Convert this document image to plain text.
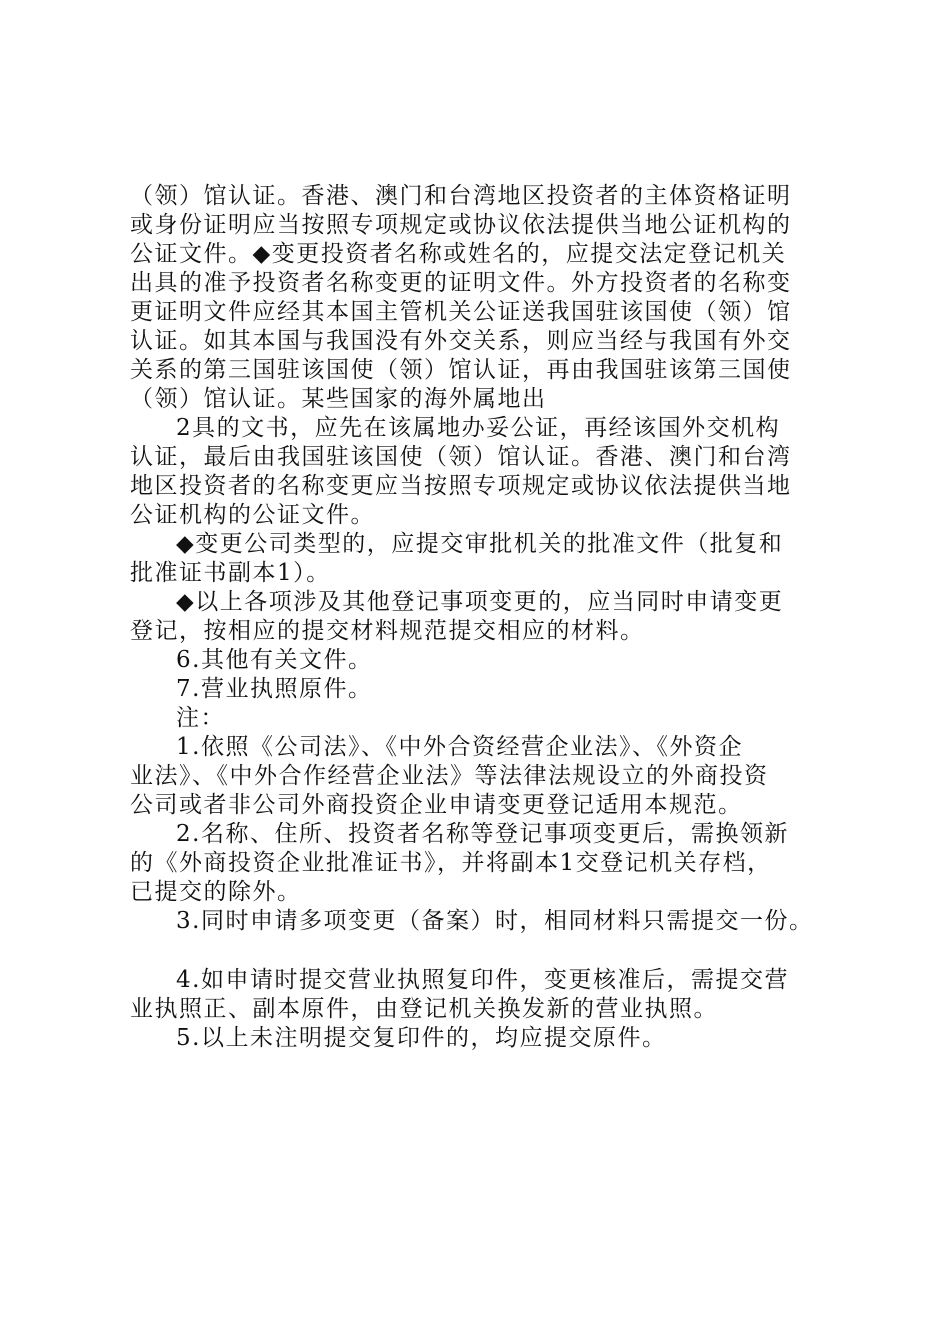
（领）馆认证。香港、澳门和台湾地区投资者的主体资格证明
或身份证明应当按照专项规定或协议依法提供当地公证机构的
公证文件。◆变更投资者名称或姓名的，应提交法定登记机关
出具的准予投资者名称变更的证明文件。外方投资者的名称变
更证明文件应经其本国主管机关公证送我国驻该国使（领）馆
认证。如其本国与我国没有外交关系，则应当经与我国有外交
关系的第三国驻该国使（领）馆认证，再由我国驻该第三国使
（领）馆认证。某些国家的海外属地出
2具的文书，应先在该属地办妥公证，再经该国外交机构
认证，最后由我国驻该国使（领）馆认证。香港、澳门和台湾
地区投资者的名称变更应当按照专项规定或协议依法提供当地
公证机构的公证文件。
◆变更公司类型的，应提交审批机关的批准文件（批复和
批准证书副本1）。
◆以上各项涉及其他登记事项变更的，应当同时申请变更
登记，按相应的提交材料规范提交相应的材料。
6.其他有关文件。
7.营业执照原件。
注：
1.依照《公司法》、《中外合资经营企业法》、《外资企
业法》、《中外合作经营企业法》等法律法规设立的外商投资
公司或者非公司外商投资企业申请变更登记适用本规范。
2.名称、住所、投资者名称等登记事项变更后，需换领新
的《外商投资企业批准证书》，并将副本1交登记机关存档，
已提交的除外。
3.同时申请多项变更（备案）时，相同材料只需提交一份。
4.如申请时提交营业执照复印件，变更核准后，需提交营
业执照正、副本原件，由登记机关换发新的营业执照。
5.以上未注明提交复印件的，均应提交原件。
